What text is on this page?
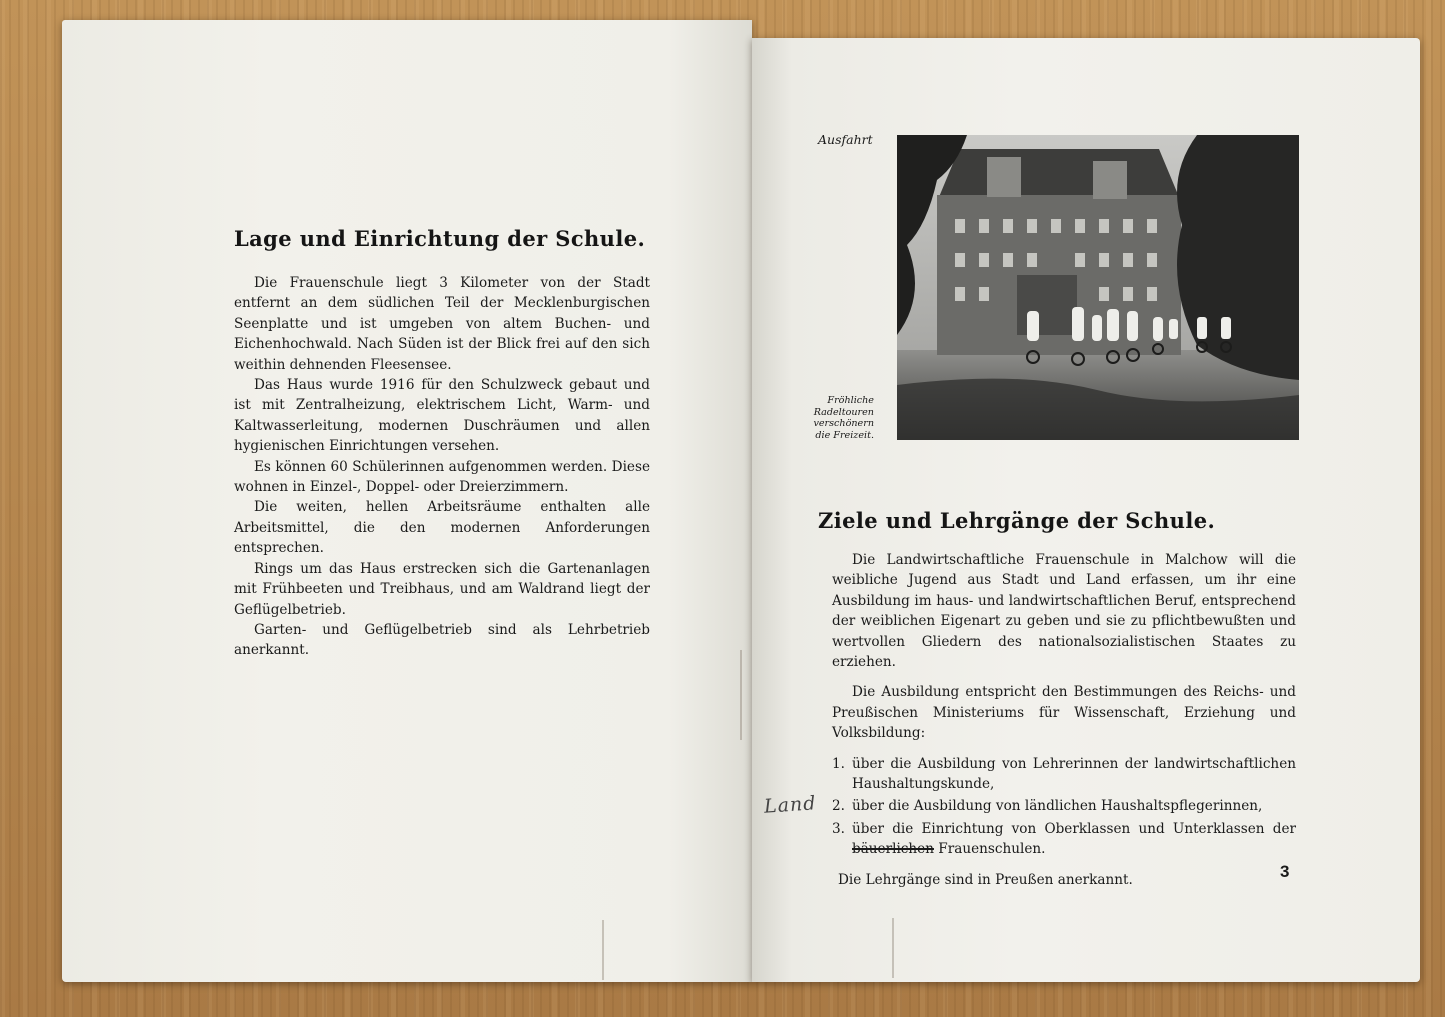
Lage und Einrichtung der Schule.

Die Frauenschule liegt 3 Kilometer von der Stadt entfernt an dem südlichen Teil der Mecklenburgischen Seenplatte und ist umgeben von altem Buchen- und Eichenhochwald. Nach Süden ist der Blick frei auf den sich weithin dehnenden Fleesensee.

Das Haus wurde 1916 für den Schulzweck gebaut und ist mit Zentralheizung, elektrischem Licht, Warm- und Kaltwasserleitung, modernen Duschräumen und allen hygienischen Einrichtungen versehen.

Es können 60 Schülerinnen aufgenommen werden. Diese wohnen in Einzel-, Doppel- oder Dreierzimmern.

Die weiten, hellen Arbeitsräume enthalten alle Arbeitsmittel, die den modernen Anforderungen entsprechen.

Rings um das Haus erstrecken sich die Gartenanlagen mit Frühbeeten und Treibhaus, und am Waldrand liegt der Geflügelbetrieb.

Garten- und Geflügelbetrieb sind als Lehrbetrieb anerkannt.

Ausfahrt
Fröhliche Radeltouren verschönern die Freizeit.
Ziele und Lehrgänge der Schule.

Die Landwirtschaftliche Frauenschule in Malchow will die weibliche Jugend aus Stadt und Land erfassen, um ihr eine Ausbildung im haus- und landwirtschaftlichen Beruf, entsprechend der weiblichen Eigenart zu geben und sie zu pflichtbewußten und wertvollen Gliedern des nationalsozialistischen Staates zu erziehen.

Die Ausbildung entspricht den Bestimmungen des Reichs- und Preußischen Ministeriums für Wissenschaft, Erziehung und Volksbildung:

1. über die Ausbildung von Lehrerinnen der landwirtschaftlichen Haushaltungskunde,
2. über die Ausbildung von ländlichen Haushaltspflegerinnen,
3. über die Einrichtung von Oberklassen und Unterklassen der bäuerlichen Frauenschulen.

Die Lehrgänge sind in Preußen anerkannt.

Land
3
